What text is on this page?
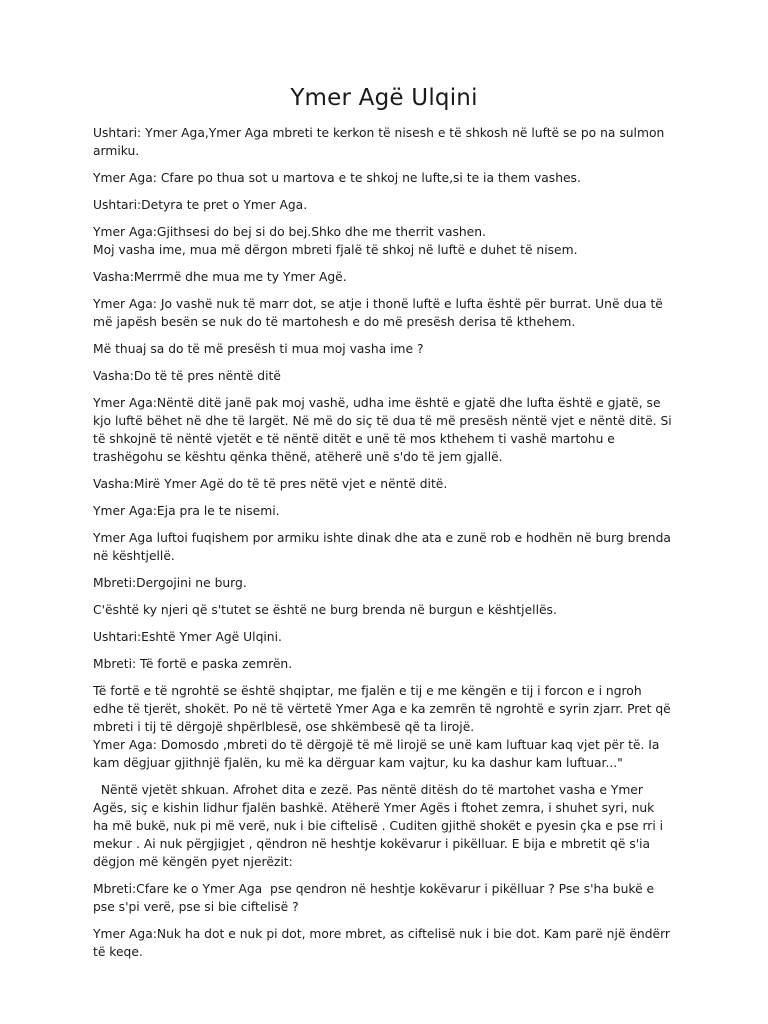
Ymer Agë Ulqini

Ushtari: Ymer Aga,Ymer Aga mbreti te kerkon të nisesh e të shkosh në luftë se po na sulmon armiku.

Ymer Aga: Cfare po thua sot u martova e te shkoj ne lufte,si te ia them vashes.

Ushtari:Detyra te pret o Ymer Aga.

Ymer Aga:Gjithsesi do bej si do bej.Shko dhe me therrit vashen.
Moj vasha ime, mua më dërgon mbreti fjalë të shkoj në luftë e duhet të nisem.

Vasha:Merrmë dhe mua me ty Ymer Agë.

Ymer Aga: Jo vashë nuk të marr dot, se atje i thonë luftë e lufta është për burrat. Unë dua të më japësh besën se nuk do të martohesh e do më presësh derisa të kthehem.

Më thuaj sa do të më presësh ti mua moj vasha ime ?

Vasha:Do të të pres nëntë ditë

Ymer Aga:Nëntë ditë janë pak moj vashë, udha ime është e gjatë dhe lufta është e gjatë, se kjo luftë bëhet në dhe të largët. Në më do siç të dua të më presësh nëntë vjet e nëntë ditë. Si të shkojnë të nëntë vjetët e të nëntë ditët e unë të mos kthehem ti vashë martohu e trashëgohu se kështu qënka thënë, atëherë unë s'do të jem gjallë.

Vasha:Mirë Ymer Agë do të të pres nëtë vjet e nëntë ditë.

Ymer Aga:Eja pra le te nisemi.

Ymer Aga luftoi fuqishem por armiku ishte dinak dhe ata e zunë rob e hodhën në burg brenda në kështjellë.

Mbreti:Dergojini ne burg.

C'është ky njeri që s'tutet se është ne burg brenda në burgun e kështjellës.

Ushtari:Eshtë Ymer Agë Ulqini.

Mbreti: Të fortë e paska zemrën.

Të fortë e të ngrohtë se është shqiptar, me fjalën e tij e me këngën e tij i forcon e i ngroh edhe të tjerët, shokët. Po në të vërtetë Ymer Aga e ka zemrën të ngrohtë e syrin zjarr. Pret që mbreti i tij të dërgojë shpërlblesë, ose shkëmbesë që ta lirojë.
Ymer Aga: Domosdo ,mbreti do të dërgojë të më lirojë se unë kam luftuar kaq vjet për të. Ia kam dëgjuar gjithnjë fjalën, ku më ka dërguar kam vajtur, ku ka dashur kam luftuar..."

Nëntë vjetët shkuan. Afrohet dita e zezë. Pas nëntë ditësh do të martohet vasha e Ymer Agës, siç e kishin lidhur fjalën bashkë. Atëherë Ymer Agës i ftohet zemra, i shuhet syri, nuk ha më bukë, nuk pi më verë, nuk i bie ciftelisë . Cuditen gjithë shokët e pyesin çka e pse rri i mekur . Ai nuk përgjigjet , qëndron në heshtje kokëvarur i pikëlluar. E bija e mbretit që s'ia dëgjon më këngën pyet njerëzit:

Mbreti:Cfare ke o Ymer Aga  pse qendron në heshtje kokëvarur i pikëlluar ? Pse s'ha bukë e pse s'pi verë, pse si bie ciftelisë ?

Ymer Aga:Nuk ha dot e nuk pi dot, more mbret, as ciftelisë nuk i bie dot. Kam parë një ëndërr të keqe.
